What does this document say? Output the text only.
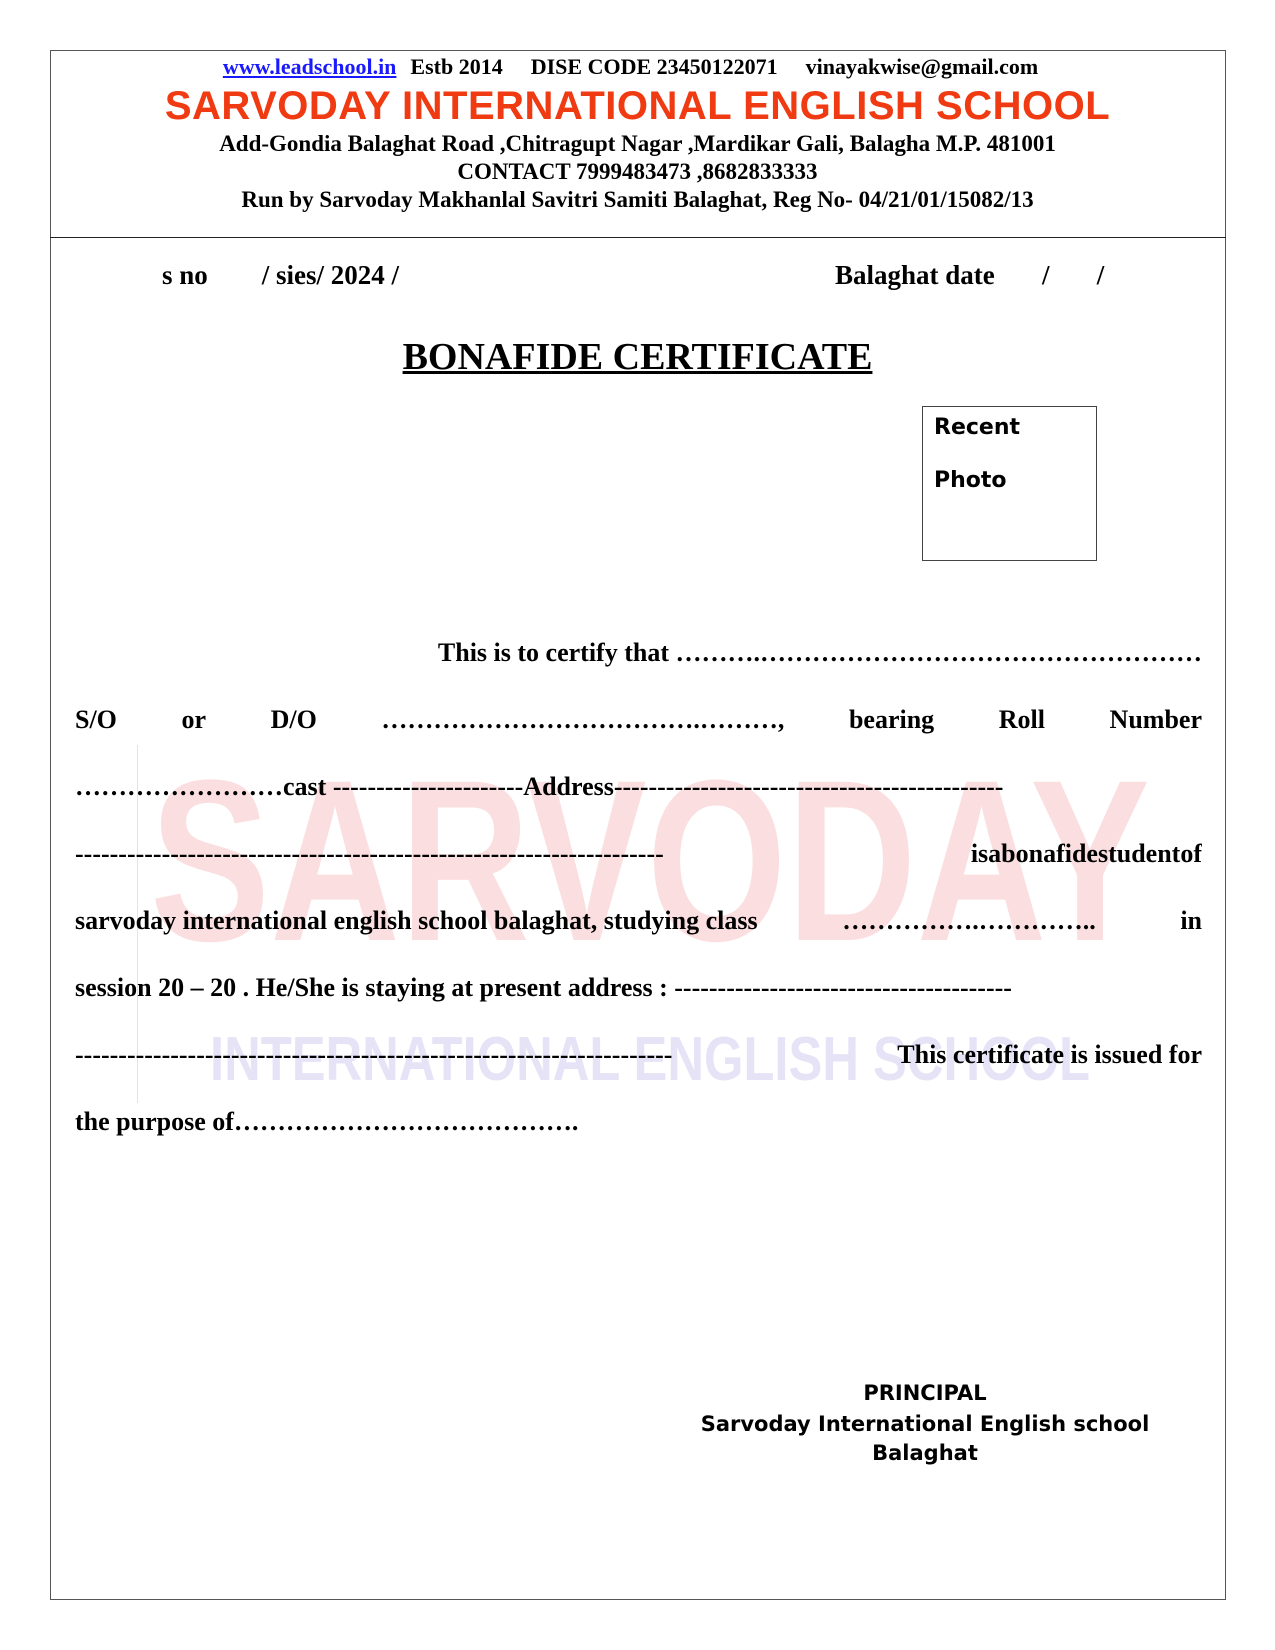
www.leadschool.in Estb 2014 DISE CODE 23450122071 vinayakwise@gmail.com
SARVODAY INTERNATIONAL ENGLISH SCHOOL
Add-Gondia Balaghat Road ,Chitragupt Nagar ,Mardikar Gali, Balagha M.P. 481001
CONTACT 7999483473 ,8682833333
Run by Sarvoday Makhanlal Savitri Samiti Balaghat, Reg No- 04/21/01/15082/13
s no        / sies/ 2024 /	Balaghat date       /       /
BONAFIDE CERTIFICATE
Recent
Photo
SARVODAY
INTERNATIONAL ENGLISH SCHOOL
This is to certify that ……….……………………………………………
S/O or D/O ……………………………….………, bearing Roll Number
……………………cast ----------------------Address---------------------------------------------
--------------------------------------------------------------------	is a bonafide student of
sarvoday international english school balaghat, studying class	…………….…………..	in
session 20 – 20 . He/She is staying at present address : ---------------------------------------
---------------------------------------------------------------------	This certificate is issued for
the purpose of………………………………….
PRINCIPAL
Sarvoday International English school
Balaghat
